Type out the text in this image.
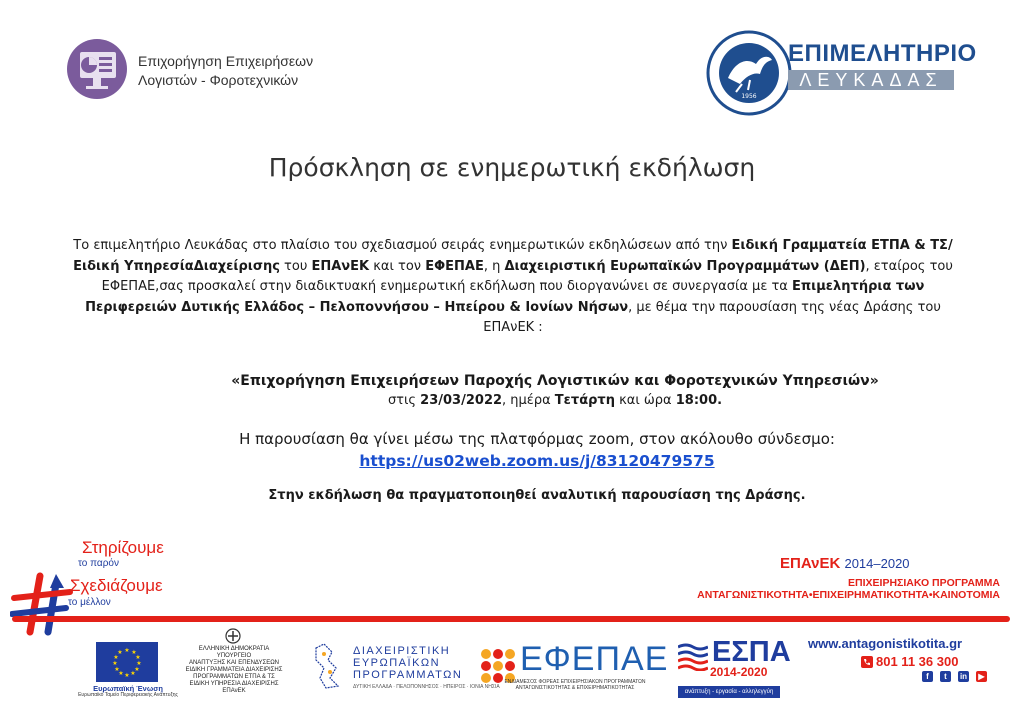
Επιχορήγηση Επιχειρήσεων
Λογιστών - Φοροτεχνικών
1956
ΕΠΙΜΕΛΗΤΗΡΙΟ
ΛΕΥΚΑΔΑΣ
Πρόσκληση σε ενημερωτική εκδήλωση
Το επιμελητήριο Λευκάδας στο πλαίσιο του σχεδιασμού σειράς ενημερωτικών εκδηλώσεων από την Ειδική Γραμματεία ΕΤΠΑ & ΤΣ/Ειδική ΥπηρεσίαΔιαχείρισης του ΕΠΑνΕΚ και τον ΕΦΕΠΑΕ, η Διαχειριστική Ευρωπαϊκών Προγραμμάτων (ΔΕΠ), εταίρος του ΕΦΕΠΑΕ,σας προσκαλεί στην διαδικτυακή ενημερωτική εκδήλωση που διοργανώνει σε συνεργασία με τα Επιμελητήρια των
Περιφερειών Δυτικής Ελλάδος – Πελοποννήσου – Ηπείρου & Ιονίων Νήσων, με θέμα την παρουσίαση της νέας Δράσης του ΕΠΑνΕΚ :
«Επιχορήγηση Επιχειρήσεων Παροχής Λογιστικών και Φοροτεχνικών Υπηρεσιών»
στις 23/03/2022, ημέρα Τετάρτη και ώρα 18:00.
Η παρουσίαση θα γίνει μέσω της πλατφόρμας zoom, στον ακόλουθο σύνδεσμο:
https://us02web.zoom.us/j/83120479575
Στην εκδήλωση θα πραγματοποιηθεί αναλυτική παρουσίαση της Δράσης.
Στηρίζουμε
το παρόν
Σχεδιάζουμε
το μέλλον
ΕΠΑνΕΚ 2014–2020
ΕΠΙΧΕΙΡΗΣΙΑΚΟ ΠΡΟΓΡΑΜΜΑ
ΑΝΤΑΓΩΝΙΣΤΙΚΟΤΗΤΑ•ΕΠΙΧΕΙΡΗΜΑΤΙΚΟΤΗΤΑ•ΚΑΙΝΟΤΟΜΙΑ
★ ★
★
★
★
★
★
★
★
★
★
★
Ευρωπαϊκή Ένωση
Ευρωπαϊκό Ταμείο Περιφερειακής Ανάπτυξης
ΕΛΛΗΝΙΚΗ ΔΗΜΟΚΡΑΤΙΑ
ΥΠΟΥΡΓΕΙΟ
ΑΝΑΠΤΥΞΗΣ ΚΑΙ ΕΠΕΝΔΥΣΕΩΝ
ΕΙΔΙΚΗ ΓΡΑΜΜΑΤΕΙΑ ΔΙΑΧΕΙΡΙΣΗΣ
ΠΡΟΓΡΑΜΜΑΤΩΝ ΕΤΠΑ & ΤΣ
ΕΙΔΙΚΗ ΥΠΗΡΕΣΙΑ ΔΙΑΧΕΙΡΙΣΗΣ ΕΠΑνΕΚ
ΔΙΑΧΕΙΡΙΣΤΙΚΗ
ΕΥΡΩΠΑΪΚΩΝ
ΠΡΟΓΡΑΜΜΑΤΩΝ
ΔΥΤΙΚΗ ΕΛΛΑΔΑ · ΠΕΛΟΠΟΝΝΗΣΟΣ · ΗΠΕΙΡΟΣ · ΙΟΝΙΑ ΝΗΣΙΑ
ΕΦΕΠΑΕ
ΕΝΔΙΑΜΕΣΟΣ ΦΟΡΕΑΣ ΕΠΙΧΕΙΡΗΣΙΑΚΩΝ ΠΡΟΓΡΑΜΜΑΤΩΝ
ΑΝΤΑΓΩΝΙΣΤΙΚΟΤΗΤΑΣ & ΕΠΙΧΕΙΡΗΜΑΤΙΚΟΤΗΤΑΣ
ΕΣΠΑ
2014-2020
ανάπτυξη - εργασία - αλληλεγγύη
www.antagonistikotita.gr
801 11 36 300
f	t	in	▶
